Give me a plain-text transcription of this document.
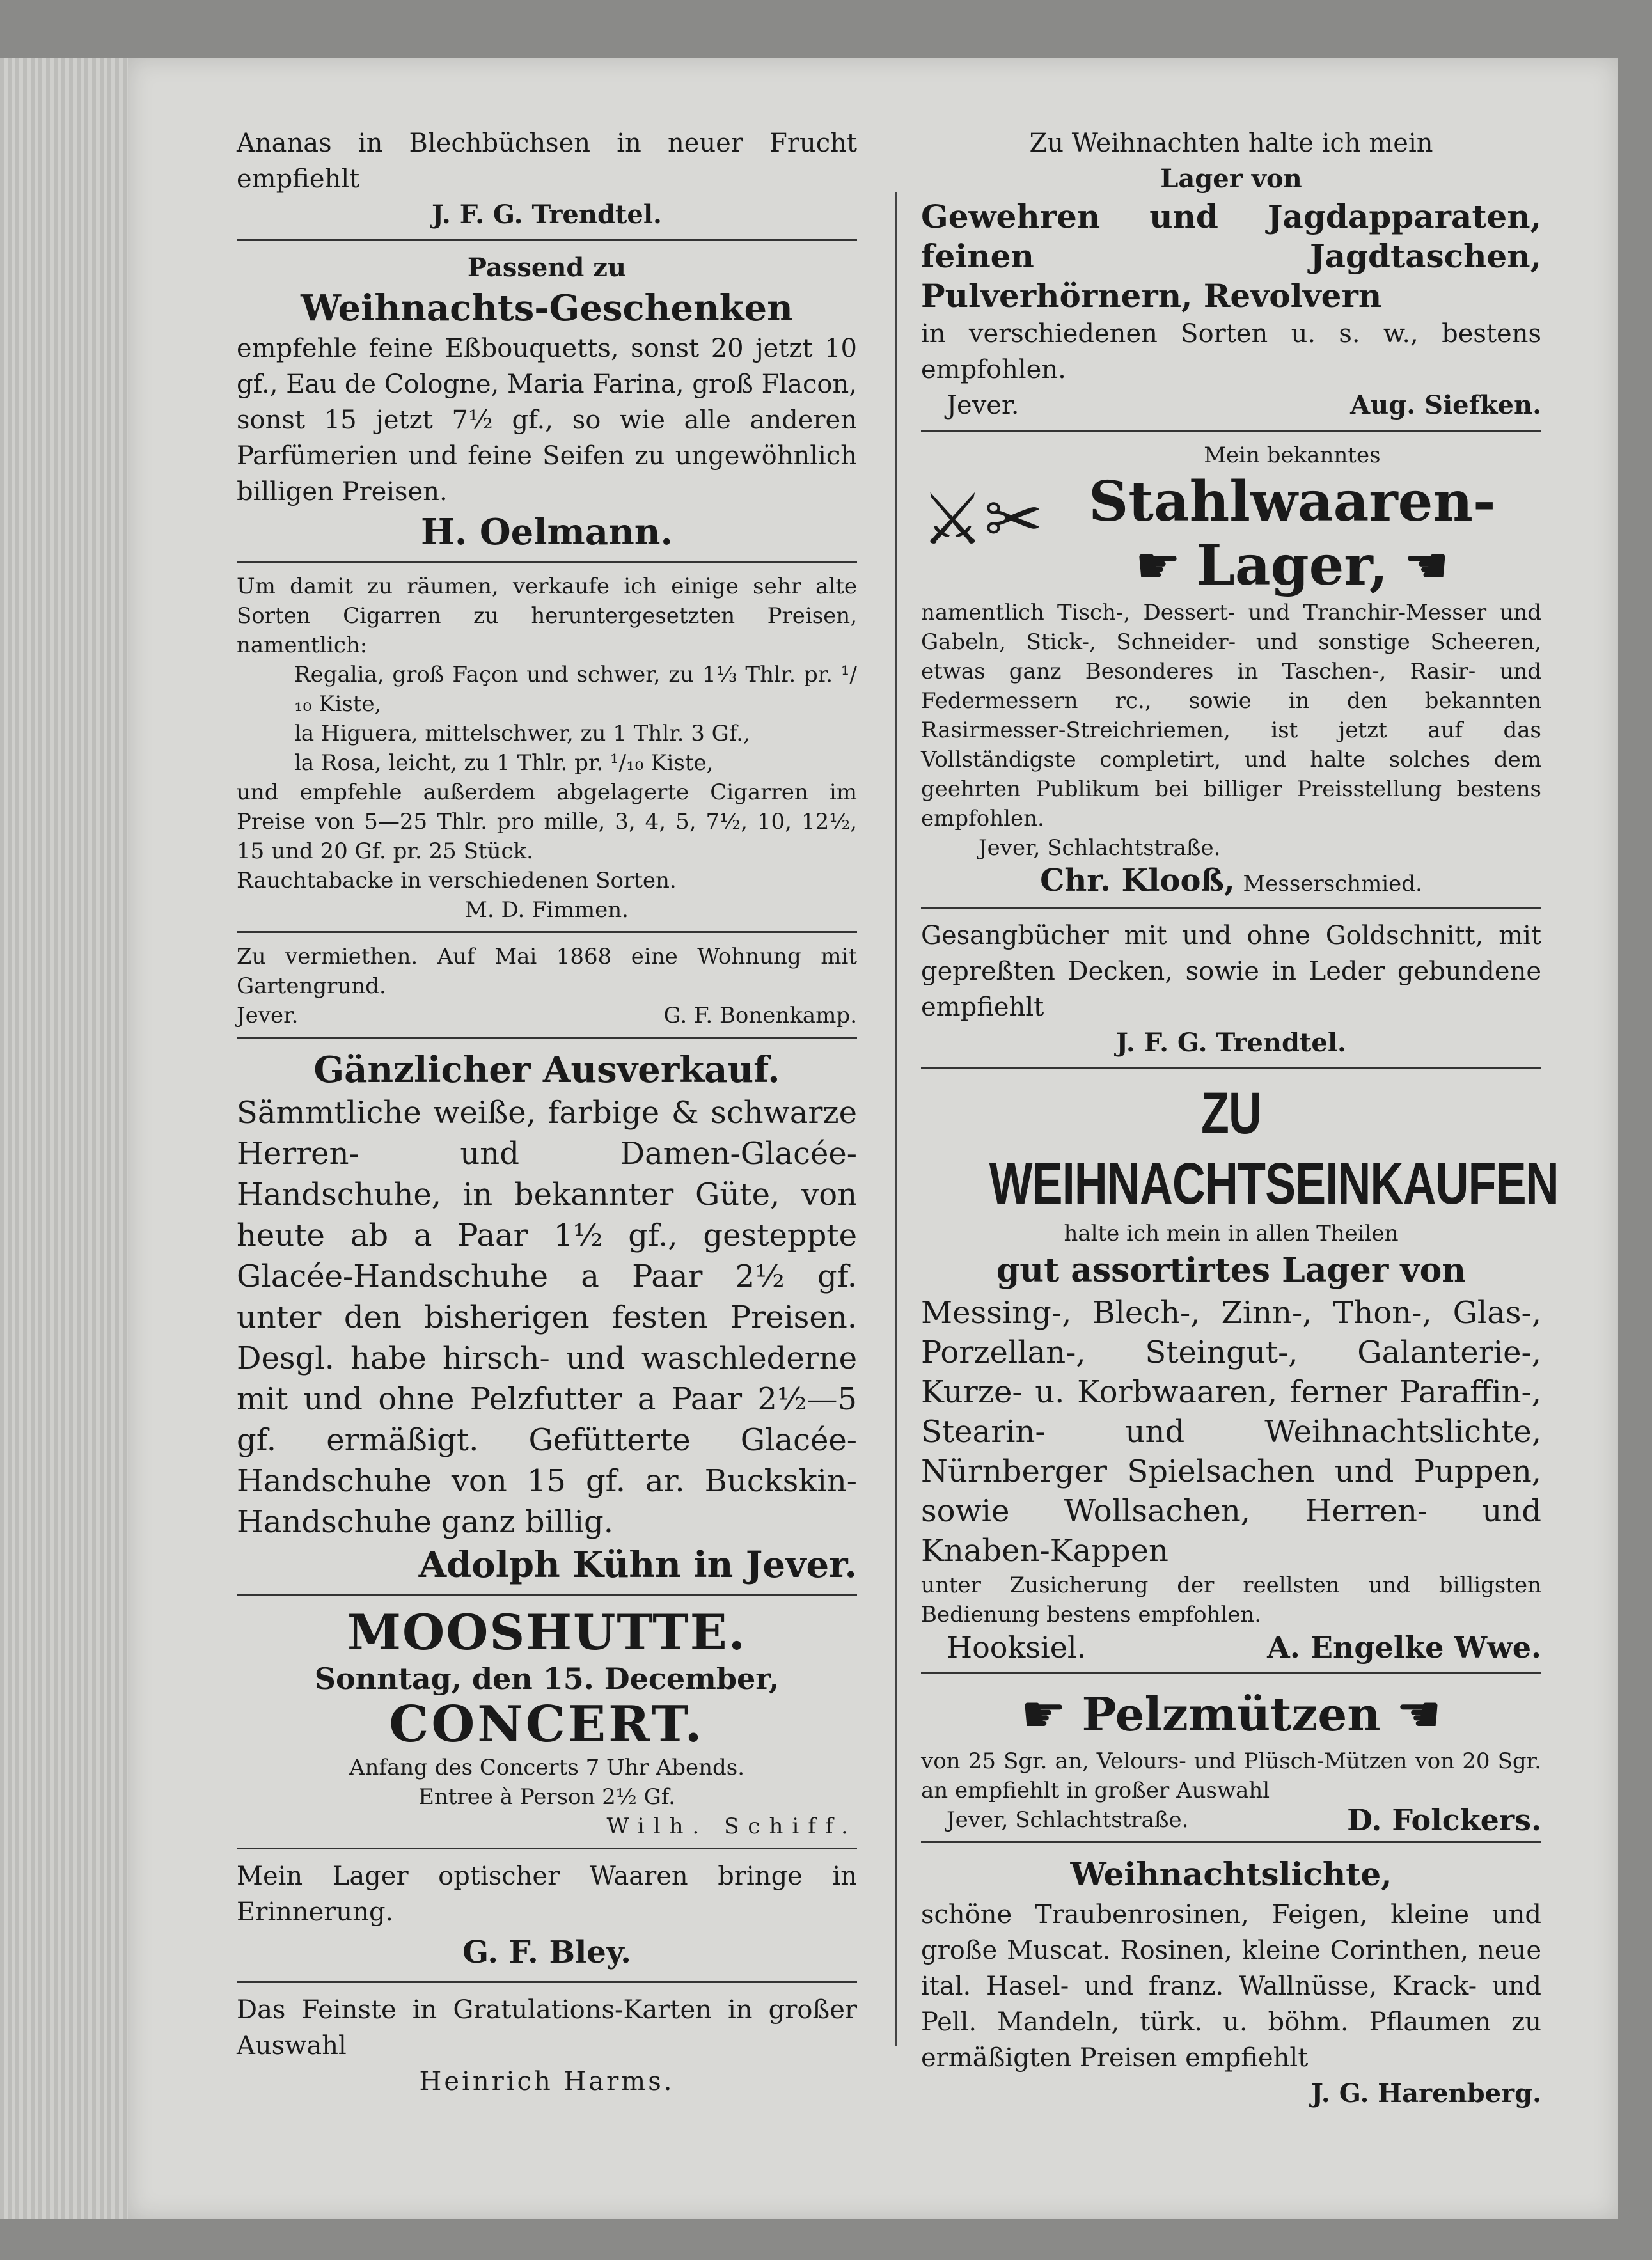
Ananas in Blechbüchsen in neuer Frucht empfiehlt
J. F. G. Trendtel.
Passend zu
Weihnachts-Geschenken
empfehle feine Eßbouquetts, sonst 20 jetzt 10 gf., Eau de Cologne, Maria Farina, groß Flacon, sonst 15 jetzt 7½ gf., so wie alle anderen Parfümerien und feine Seifen zu ungewöhnlich billigen Preisen.
H. Oelmann.
Um damit zu räumen, verkaufe ich einige sehr alte Sorten Cigarren zu heruntergesetzten Preisen, namentlich:
Regalia, groß Façon und schwer, zu 1⅓ Thlr. pr. ¹/₁₀ Kiste,
la Higuera, mittelschwer, zu 1 Thlr. 3 Gf.,
la Rosa, leicht, zu 1 Thlr. pr. ¹/₁₀ Kiste,
und empfehle außerdem abgelagerte Cigarren im Preise von 5—25 Thlr. pro mille, 3, 4, 5, 7½, 10, 12½, 15 und 20 Gf. pr. 25 Stück.
Rauchtabacke in verschiedenen Sorten.
M. D. Fimmen.
Zu vermiethen. Auf Mai 1868 eine Wohnung mit Gartengrund.
Jever.	G. F. Bonenkamp.
Gänzlicher Ausverkauf.
Sämmtliche weiße, farbige & schwarze Herren- und Damen-Glacée-Handschuhe, in bekannter Güte, von heute ab a Paar 1½ gf., gesteppte Glacée-Handschuhe a Paar 2½ gf. unter den bisherigen festen Preisen. Desgl. habe hirsch- und waschlederne mit und ohne Pelzfutter a Paar 2½—5 gf. ermäßigt. Gefütterte Glacée-Handschuhe von 15 gf. ar. Buckskin-Handschuhe ganz billig.
Adolph Kühn in Jever.
MOOSHUTTE.
Sonntag, den 15. December,
CONCERT.
Anfang des Concerts 7 Uhr Abends.
Entree à Person 2½ Gf.
Wilh. Schiff.
Mein Lager optischer Waaren bringe in Erinnerung.
G. F. Bley.
Das Feinste in Gratulations-Karten in großer Auswahl
Heinrich Harms.
Zu Weihnachten halte ich mein
Lager von
Gewehren und Jagdapparaten, feinen Jagdtaschen, Pulverhörnern, Revolvern
in verschiedenen Sorten u. s. w., bestens empfohlen.
Jever.	Aug. Siefken.
⚔✂
Mein bekanntes
Stahlwaaren-
☛ Lager, ☚
namentlich Tisch-, Dessert- und Tranchir-Messer und Gabeln, Stick-, Schneider- und sonstige Scheeren, etwas ganz Besonderes in Taschen-, Rasir- und Federmessern rc., sowie in den bekannten Rasirmesser-Streichriemen, ist jetzt auf das Vollständigste completirt, und halte solches dem geehrten Publikum bei billiger Preisstellung bestens empfohlen.
Jever, Schlachtstraße.
Chr. Klooß, Messerschmied.
Gesangbücher mit und ohne Goldschnitt, mit gepreßten Decken, sowie in Leder gebundene empfiehlt
J. F. G. Trendtel.
ZU WEIHNACHTSEINKAUFEN
halte ich mein in allen Theilen
gut assortirtes Lager von
Messing-, Blech-, Zinn-, Thon-, Glas-, Porzellan-, Steingut-, Galanterie-, Kurze- u. Korbwaaren, ferner Paraffin-, Stearin- und Weihnachtslichte, Nürnberger Spielsachen und Puppen, sowie Wollsachen, Herren- und Knaben-Kappen
unter Zusicherung der reellsten und billigsten Bedienung bestens empfohlen.
Hooksiel.	A. Engelke Wwe.
☛ Pelzmützen ☚
von 25 Sgr. an, Velours- und Plüsch-Mützen von 20 Sgr. an empfiehlt in großer Auswahl
Jever, Schlachtstraße.	D. Folckers.
Weihnachtslichte,
schöne Traubenrosinen, Feigen, kleine und große Muscat. Rosinen, kleine Corinthen, neue ital. Hasel- und franz. Wallnüsse, Krack- und Pell. Mandeln, türk. u. böhm. Pflaumen zu ermäßigten Preisen empfiehlt
J. G. Harenberg.
